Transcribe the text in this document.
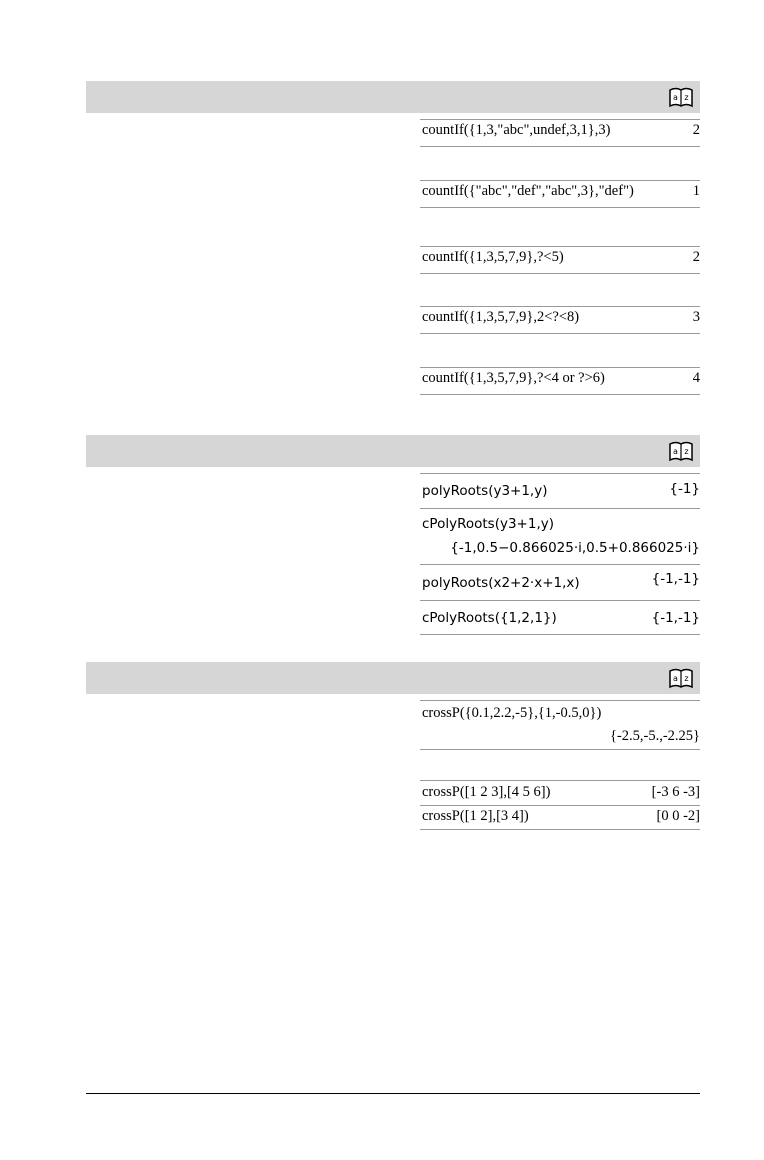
a z
a z
a z
countIf({1,3,"abc",undef,3,1},3)	2
countIf({"abc","def","abc",3},"def")	1
countIf({1,3,5,7,9},?<5)	2
countIf({1,3,5,7,9},2<?<8)	3
countIf({1,3,5,7,9},?<4 or ?>6)	4
polyRoots(y3+1,y)	{-1}
cPolyRoots(y3+1,y)
{-1,0.5−0.866025·i,0.5+0.866025·i}
polyRoots(x2+2·x+1,x)	{-1,-1}
cPolyRoots({1,2,1})	{-1,-1}
crossP({0.1,2.2,-5},{1,-0.5,0})
{-2.5,-5.,-2.25}
crossP([1 2 3],[4 5 6])	[-3 6 -3]
crossP([1 2],[3 4])	[0 0 -2]
